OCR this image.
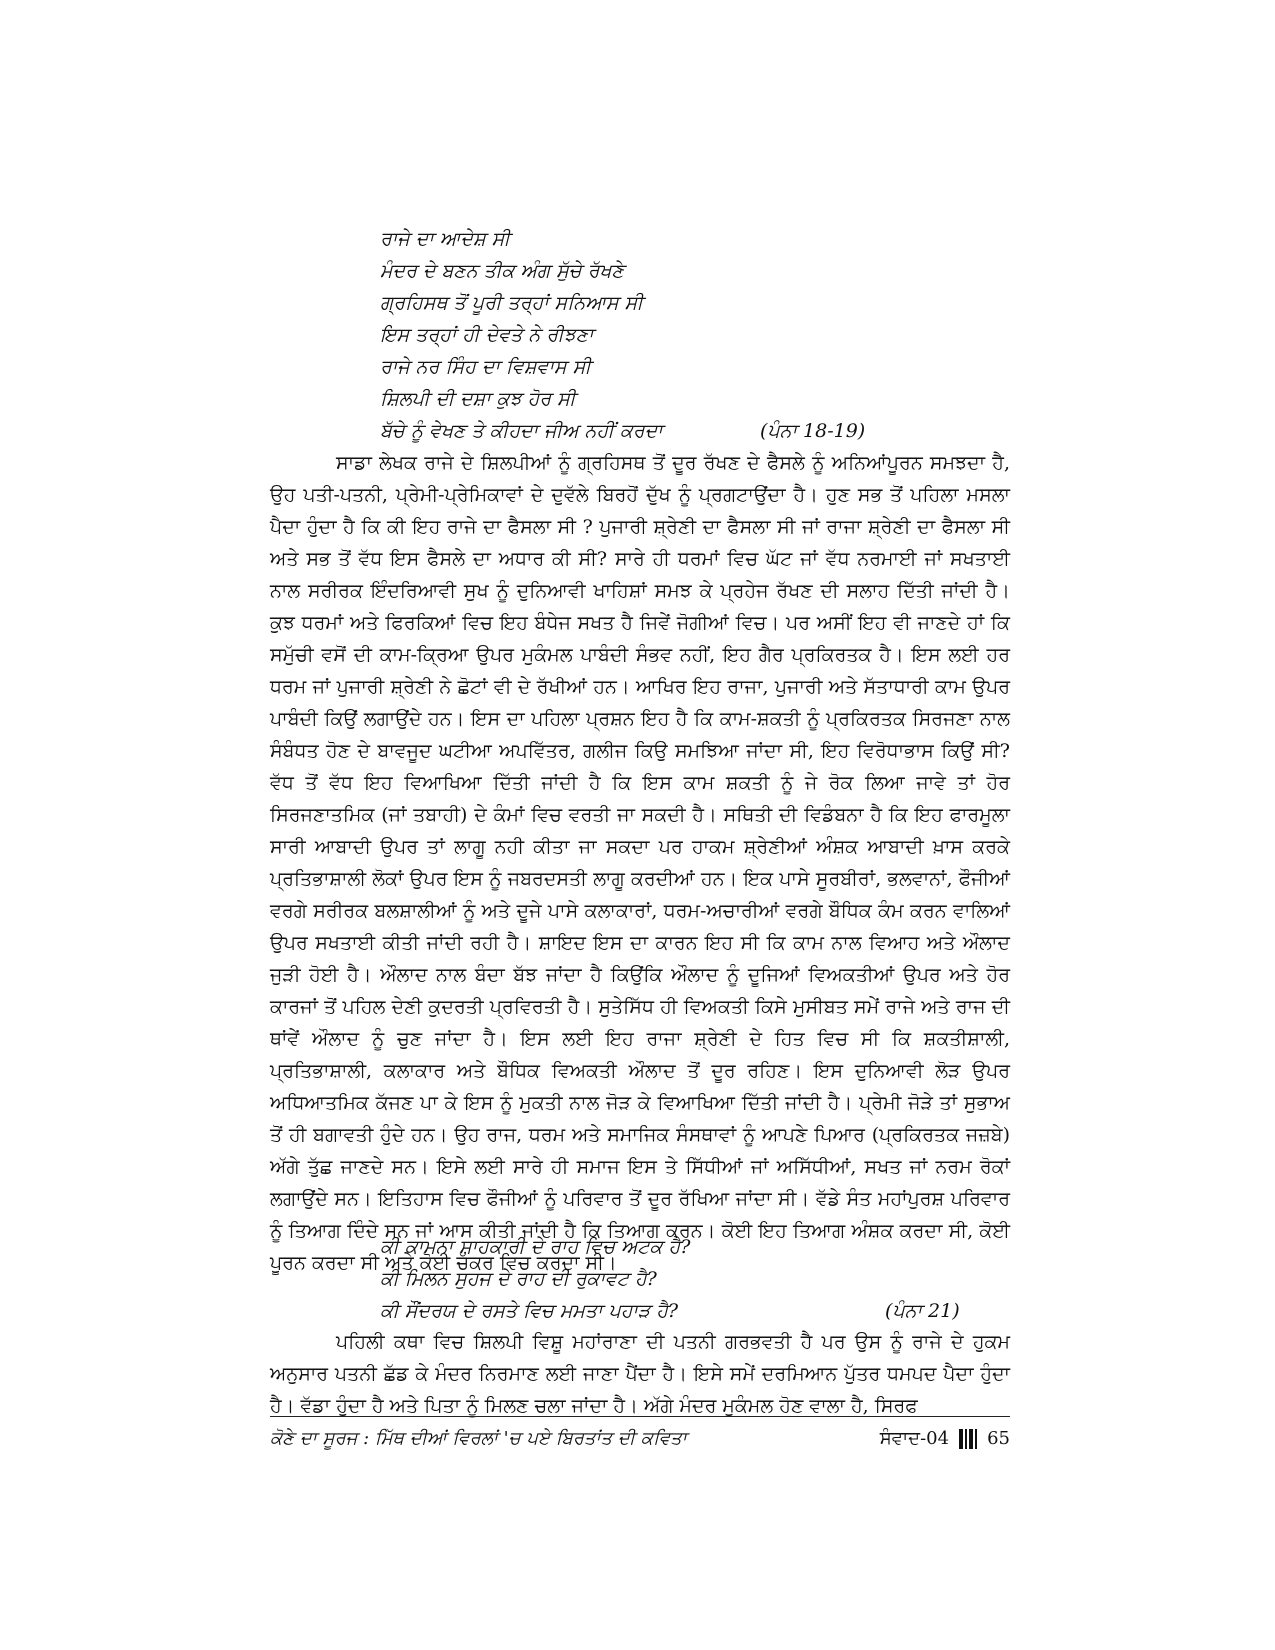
ਰਾਜੇ ਦਾ ਆਦੇਸ਼ ਸੀ
ਮੰਦਰ ਦੇ ਬਣਨ ਤੀਕ ਅੰਗ ਸੁੱਚੇ ਰੱਖਣੇ
ਗ੍ਰਹਿਸਥ ਤੋਂ ਪੂਰੀ ਤਰ੍ਹਾਂ ਸਨਿਆਸ ਸੀ
ਇਸ ਤਰ੍ਹਾਂ ਹੀ ਦੇਵਤੇ ਨੇ ਰੀਝਣਾ
ਰਾਜੇ ਨਰ ਸਿੰਹ ਦਾ ਵਿਸ਼ਵਾਸ ਸੀ
ਸ਼ਿਲਪੀ ਦੀ ਦਸ਼ਾ ਕੁਝ ਹੋਰ ਸੀ
ਬੱਚੇ ਨੂੰ ਵੇਖਣ ਤੇ ਕੀਹਦਾ ਜੀਅ ਨਹੀਂ ਕਰਦਾ	(ਪੰਨਾ 18-19)

ਸਾਡਾ ਲੇਖਕ ਰਾਜੇ ਦੇ ਸ਼ਿਲਪੀਆਂ ਨੂੰ ਗ੍ਰਹਿਸਥ ਤੋਂ ਦੂਰ ਰੱਖਣ ਦੇ ਫੈਸਲੇ ਨੂੰ ਅਨਿਆਂਪੂਰਨ ਸਮਝਦਾ ਹੈ, ਉਹ ਪਤੀ-ਪਤਨੀ, ਪ੍ਰੇਮੀ-ਪ੍ਰੇਮਿਕਾਵਾਂ ਦੇ ਦੁਵੱਲੇ ਬਿਰਹੋਂ ਦੁੱਖ ਨੂੰ ਪ੍ਰਗਟਾਉਂਦਾ ਹੈ। ਹੁਣ ਸਭ ਤੋਂ ਪਹਿਲਾ ਮਸਲਾ ਪੈਦਾ ਹੁੰਦਾ ਹੈ ਕਿ ਕੀ ਇਹ ਰਾਜੇ ਦਾ ਫੈਸਲਾ ਸੀ ? ਪੁਜਾਰੀ ਸ਼੍ਰੇਣੀ ਦਾ ਫੈਸਲਾ ਸੀ ਜਾਂ ਰਾਜਾ ਸ਼੍ਰੇਣੀ ਦਾ ਫੈਸਲਾ ਸੀ ਅਤੇ ਸਭ ਤੋਂ ਵੱਧ ਇਸ ਫੈਸਲੇ ਦਾ ਅਧਾਰ ਕੀ ਸੀ? ਸਾਰੇ ਹੀ ਧਰਮਾਂ ਵਿਚ ਘੱਟ ਜਾਂ ਵੱਧ ਨਰਮਾਈ ਜਾਂ ਸਖਤਾਈ ਨਾਲ ਸਰੀਰਕ ਇੰਦਰਿਆਵੀ ਸੁਖ ਨੂੰ ਦੁਨਿਆਵੀ ਖਾਹਿਸ਼ਾਂ ਸਮਝ ਕੇ ਪ੍ਰਹੇਜ ਰੱਖਣ ਦੀ ਸਲਾਹ ਦਿੱਤੀ ਜਾਂਦੀ ਹੈ। ਕੁਝ ਧਰਮਾਂ ਅਤੇ ਫਿਰਕਿਆਂ ਵਿਚ ਇਹ ਬੰਧੇਜ ਸਖਤ ਹੈ ਜਿਵੇਂ ਜੋਗੀਆਂ ਵਿਚ। ਪਰ ਅਸੀਂ ਇਹ ਵੀ ਜਾਣਦੇ ਹਾਂ ਕਿ ਸਮੁੱਚੀ ਵਸੋਂ ਦੀ ਕਾਮ-ਕ੍ਰਿਆ ਉਪਰ ਮੁਕੰਮਲ ਪਾਬੰਦੀ ਸੰਭਵ ਨਹੀਂ, ਇਹ ਗੈਰ ਪ੍ਰਕਿਰਤਕ ਹੈ। ਇਸ ਲਈ ਹਰ ਧਰਮ ਜਾਂ ਪੁਜਾਰੀ ਸ਼੍ਰੇਣੀ ਨੇ ਛੋਟਾਂ ਵੀ ਦੇ ਰੱਖੀਆਂ ਹਨ। ਆਖਿਰ ਇਹ ਰਾਜਾ, ਪੁਜਾਰੀ ਅਤੇ ਸੱਤਾਧਾਰੀ ਕਾਮ ਉਪਰ ਪਾਬੰਦੀ ਕਿਉਂ ਲਗਾਉਂਦੇ ਹਨ। ਇਸ ਦਾ ਪਹਿਲਾ ਪ੍ਰਸ਼ਨ ਇਹ ਹੈ ਕਿ ਕਾਮ-ਸ਼ਕਤੀ ਨੂੰ ਪ੍ਰਕਿਰਤਕ ਸਿਰਜਣਾ ਨਾਲ ਸੰਬੰਧਤ ਹੋਣ ਦੇ ਬਾਵਜੂਦ ਘਟੀਆ ਅਪਵਿੱਤਰ, ਗਲੀਜ ਕਿਉ ਸਮਝਿਆ ਜਾਂਦਾ ਸੀ, ਇਹ ਵਿਰੋਧਾਭਾਸ ਕਿਉਂ ਸੀ? ਵੱਧ ਤੋਂ ਵੱਧ ਇਹ ਵਿਆਖਿਆ ਦਿੱਤੀ ਜਾਂਦੀ ਹੈ ਕਿ ਇਸ ਕਾਮ ਸ਼ਕਤੀ ਨੂੰ ਜੇ ਰੋਕ ਲਿਆ ਜਾਵੇ ਤਾਂ ਹੋਰ ਸਿਰਜਣਾਤਮਿਕ (ਜਾਂ ਤਬਾਹੀ) ਦੇ ਕੰਮਾਂ ਵਿਚ ਵਰਤੀ ਜਾ ਸਕਦੀ ਹੈ। ਸਥਿਤੀ ਦੀ ਵਿਡੰਬਨਾ ਹੈ ਕਿ ਇਹ ਫਾਰਮੂਲਾ ਸਾਰੀ ਆਬਾਦੀ ਉਪਰ ਤਾਂ ਲਾਗੂ ਨਹੀ ਕੀਤਾ ਜਾ ਸਕਦਾ ਪਰ ਹਾਕਮ ਸ਼੍ਰੇਣੀਆਂ ਅੰਸ਼ਕ ਆਬਾਦੀ ਖ਼ਾਸ ਕਰਕੇ ਪ੍ਰਤਿਭਾਸ਼ਾਲੀ ਲੋਕਾਂ ਉਪਰ ਇਸ ਨੂੰ ਜਬਰਦਸਤੀ ਲਾਗੂ ਕਰਦੀਆਂ ਹਨ। ਇਕ ਪਾਸੇ ਸੂਰਬੀਰਾਂ, ਭਲਵਾਨਾਂ, ਫੌਜੀਆਂ ਵਰਗੇ ਸਰੀਰਕ ਬਲਸ਼ਾਲੀਆਂ ਨੂੰ ਅਤੇ ਦੂਜੇ ਪਾਸੇ ਕਲਾਕਾਰਾਂ, ਧਰਮ-ਅਚਾਰੀਆਂ ਵਰਗੇ ਬੌਧਿਕ ਕੰਮ ਕਰਨ ਵਾਲਿਆਂ ਉਪਰ ਸਖਤਾਈ ਕੀਤੀ ਜਾਂਦੀ ਰਹੀ ਹੈ। ਸ਼ਾਇਦ ਇਸ ਦਾ ਕਾਰਨ ਇਹ ਸੀ ਕਿ ਕਾਮ ਨਾਲ ਵਿਆਹ ਅਤੇ ਔਲਾਦ ਜੁੜੀ ਹੋਈ ਹੈ। ਔਲਾਦ ਨਾਲ ਬੰਦਾ ਬੱਝ ਜਾਂਦਾ ਹੈ ਕਿਉਂਕਿ ਔਲਾਦ ਨੂੰ ਦੂਜਿਆਂ ਵਿਅਕਤੀਆਂ ਉਪਰ ਅਤੇ ਹੋਰ ਕਾਰਜਾਂ ਤੋਂ ਪਹਿਲ ਦੇਣੀ ਕੁਦਰਤੀ ਪ੍ਰਵਿਰਤੀ ਹੈ। ਸੁਤੇਸਿੱਧ ਹੀ ਵਿਅਕਤੀ ਕਿਸੇ ਮੁਸੀਬਤ ਸਮੇਂ ਰਾਜੇ ਅਤੇ ਰਾਜ ਦੀ ਥਾਂਵੇਂ ਔਲਾਦ ਨੂੰ ਚੁਣ ਜਾਂਦਾ ਹੈ। ਇਸ ਲਈ ਇਹ ਰਾਜਾ ਸ਼੍ਰੇਣੀ ਦੇ ਹਿਤ ਵਿਚ ਸੀ ਕਿ ਸ਼ਕਤੀਸ਼ਾਲੀ, ਪ੍ਰਤਿਭਾਸ਼ਾਲੀ, ਕਲਾਕਾਰ ਅਤੇ ਬੌਧਿਕ ਵਿਅਕਤੀ ਔਲਾਦ ਤੋਂ ਦੂਰ ਰਹਿਣ। ਇਸ ਦੁਨਿਆਵੀ ਲੋੜ ਉਪਰ ਅਧਿਆਤਮਿਕ ਕੱਜਣ ਪਾ ਕੇ ਇਸ ਨੂੰ ਮੁਕਤੀ ਨਾਲ ਜੋੜ ਕੇ ਵਿਆਖਿਆ ਦਿੱਤੀ ਜਾਂਦੀ ਹੈ। ਪ੍ਰੇਮੀ ਜੋੜੇ ਤਾਂ ਸੁਭਾਅ ਤੋਂ ਹੀ ਬਗਾਵਤੀ ਹੁੰਦੇ ਹਨ। ਉਹ ਰਾਜ, ਧਰਮ ਅਤੇ ਸਮਾਜਿਕ ਸੰਸਥਾਵਾਂ ਨੂੰ ਆਪਣੇ ਪਿਆਰ (ਪ੍ਰਕਿਰਤਕ ਜਜ਼ਬੇ) ਅੱਗੇ ਤੁੱਛ ਜਾਣਦੇ ਸਨ। ਇਸੇ ਲਈ ਸਾਰੇ ਹੀ ਸਮਾਜ ਇਸ ਤੇ ਸਿੱਧੀਆਂ ਜਾਂ ਅਸਿੱਧੀਆਂ, ਸਖਤ ਜਾਂ ਨਰਮ ਰੋਕਾਂ ਲਗਾਉਂਦੇ ਸਨ। ਇਤਿਹਾਸ ਵਿਚ ਫੌਜੀਆਂ ਨੂੰ ਪਰਿਵਾਰ ਤੋਂ ਦੂਰ ਰੱਖਿਆ ਜਾਂਦਾ ਸੀ। ਵੱਡੇ ਸੰਤ ਮਹਾਂਪੁਰਸ਼ ਪਰਿਵਾਰ ਨੂੰ ਤਿਆਗ ਦਿੰਦੇ ਸਨ ਜਾਂ ਆਸ ਕੀਤੀ ਜਾਂਦੀ ਹੈ ਕਿ ਤਿਆਗ ਕਰਨ। ਕੋਈ ਇਹ ਤਿਆਗ ਅੰਸ਼ਕ ਕਰਦਾ ਸੀ, ਕੋਈ ਪੂਰਨ ਕਰਦਾ ਸੀ ਅਤੇ ਕੋਈ ਚੱਕਰ ਵਿਚ ਕਰਦਾ ਸੀ।

ਕੀ ਕਾਮਨਾ ਸ਼ਾਹਕਾਰੀ ਦੇ ਰਾਹ ਵਿਚ ਅਟਕ ਹੈ?
ਕੀ ਮਿਲਨ ਸੁਹਜ ਦੇ ਰਾਹ ਦੀ ਰੁਕਾਵਟ ਹੈ?
ਕੀ ਸੌਂਦਰਯ ਦੇ ਰਸਤੇ ਵਿਚ ਮਮਤਾ ਪਹਾੜ ਹੈ?	(ਪੰਨਾ 21)

ਪਹਿਲੀ ਕਥਾ ਵਿਚ ਸ਼ਿਲਪੀ ਵਿਸ਼ੂ ਮਹਾਂਰਾਣਾ ਦੀ ਪਤਨੀ ਗਰਭਵਤੀ ਹੈ ਪਰ ਉਸ ਨੂੰ ਰਾਜੇ ਦੇ ਹੁਕਮ ਅਨੁਸਾਰ ਪਤਨੀ ਛੱਡ ਕੇ ਮੰਦਰ ਨਿਰਮਾਣ ਲਈ ਜਾਣਾ ਪੈਂਦਾ ਹੈ। ਇਸੇ ਸਮੇਂ ਦਰਮਿਆਨ ਪੁੱਤਰ ਧਮਪਦ ਪੈਦਾ ਹੁੰਦਾ ਹੈ। ਵੱਡਾ ਹੁੰਦਾ ਹੈ ਅਤੇ ਪਿਤਾ ਨੂੰ ਮਿਲਣ ਚਲਾ ਜਾਂਦਾ ਹੈ। ਅੱਗੇ ਮੰਦਰ ਮੁਕੰਮਲ ਹੋਣ ਵਾਲਾ ਹੈ, ਸਿਰਫ

ਕੋਣੇ ਦਾ ਸੂਰਜ : ਮਿੱਥ ਦੀਆਂ ਵਿਰਲਾਂ 'ਚ ਪਏ ਬਿਰਤਾਂਤ ਦੀ ਕਵਿਤਾ	ਸੰਵਾਦ-04 65
